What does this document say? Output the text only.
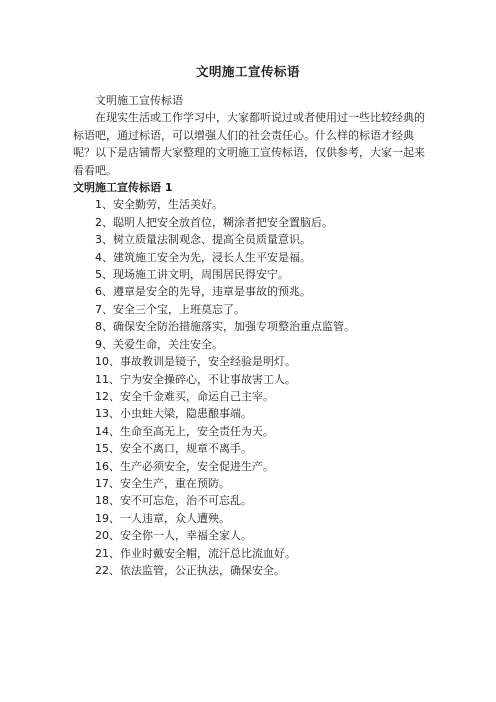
文明施工宣传标语

文明施工宣传标语

在现实生活或工作学习中，大家都听说过或者使用过一些比较经典的标语吧，通过标语，可以增强人们的社会责任心。什么样的标语才经典呢？以下是店铺帮大家整理的文明施工宣传标语，仅供参考，大家一起来看看吧。

文明施工宣传标语 1

1 、 安全勤劳，生活美好。
2 、 聪明人把安全放首位，糊涂者把安全置脑后。
3 、 树立质量法制观念、提高全员质量意识。
4 、 建筑施工安全为先，浸长人生平安是福。
5 、 现场施工讲文明，周围居民得安宁。
6 、 遵章是安全的先导，违章是事故的预兆。
7 、 安全三个宝，上班莫忘了。
8 、 确保安全防治措施落实，加强专项整治重点监管。
9 、 关爱生命，关注安全。
10 、 事故教训是镜子，安全经验是明灯。
11 、 宁为安全操碎心，不让事故害工人。
12 、 安全千金难买，命运自己主宰。
13 、 小虫蛀大梁，隐患酿事端。
14 、 生命至高无上，安全责任为天。
15 、 安全不离口，规章不离手。
16 、 生产必须安全，安全促进生产。
17 、 安全生产，重在预防。
18 、 安不可忘危，治不可忘乱。
19 、 一人违章，众人遭殃。
20 、 安全你一人，幸福全家人。
21 、 作业时戴安全帽，流汗总比流血好。
22 、 依法监管，公正执法，确保安全。
